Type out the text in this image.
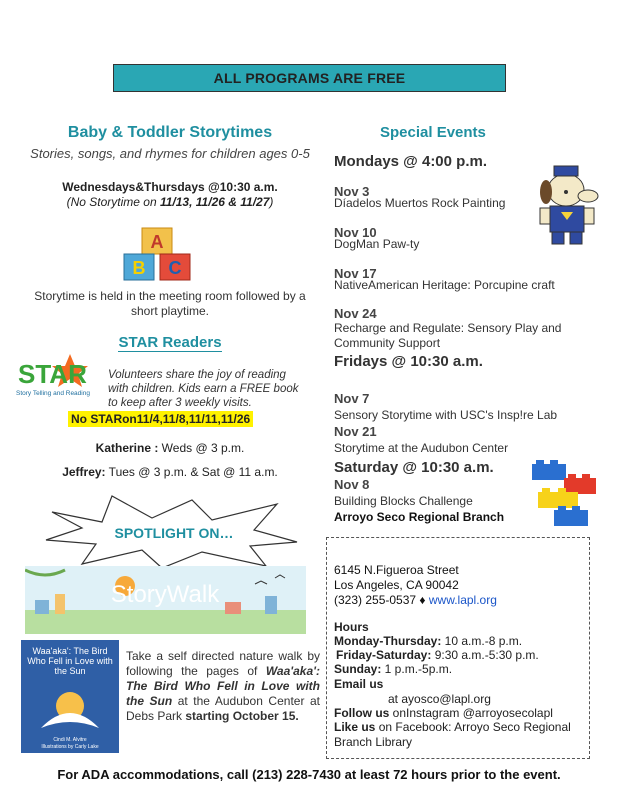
ALL PROGRAMS ARE FREE
Baby & Toddler Storytimes
Stories, songs, and rhymes for children ages 0-5
Wednesdays&Thursdays @10:30 a.m.
(No Storytime on 11/13, 11/26 & 11/27)
A
B C
Storytime is held in the meeting room followed by a short playtime.
STAR Readers
STAR
Story Telling and Reading
Volunteers share the joy of reading with children. Kids earn a FREE book to keep after 3 weekly visits.
No STARon11/4,11/8,11/11,11/26
Katherine : Weds @ 3 p.m.
Jeffrey: Tues @ 3 p.m. & Sat @ 11 a.m.
SPOTLIGHT ON…
StoryWalk
Waa'aka': The Bird Who Fell in Love with the Sun
Cindi M. Alvitre
Illustrations by Carly Lake
Take a self directed nature walk by following the pages of Waa'aka': The Bird Who Fell in Love with the Sun at the Audubon Center at Debs Park starting October 15.
Special Events
Mondays @ 4:00 p.m.
Nov 3
Díadelos Muertos Rock Painting
Nov 10
DogMan Paw-ty
Nov 17
NativeAmerican Heritage: Porcupine craft
Nov 24
Recharge and Regulate: Sensory Play and Community Support
Fridays @ 10:30 a.m.
Nov 7
Sensory Storytime with USC's Insp!re Lab
Nov 21
Storytime at the Audubon Center
Saturday @ 10:30 a.m.
Nov 8
Building Blocks Challenge
Arroyo Seco Regional Branch
6145 N.Figueroa Street
Los Angeles, CA 90042
(323) 255-0537 ♦ www.lapl.org
Hours
Monday-Thursday: 10 a.m.-8 p.m.
Friday-Saturday: 9:30 a.m.-5:30 p.m.
Sunday: 1 p.m.-5p.m.
Email us
at ayosco@lapl.org
Follow us onInstagram @arroyosecolapl
Like us on Facebook: Arroyo Seco Regional Branch Library
For ADA accommodations, call (213) 228-7430 at least 72 hours prior to the event.
